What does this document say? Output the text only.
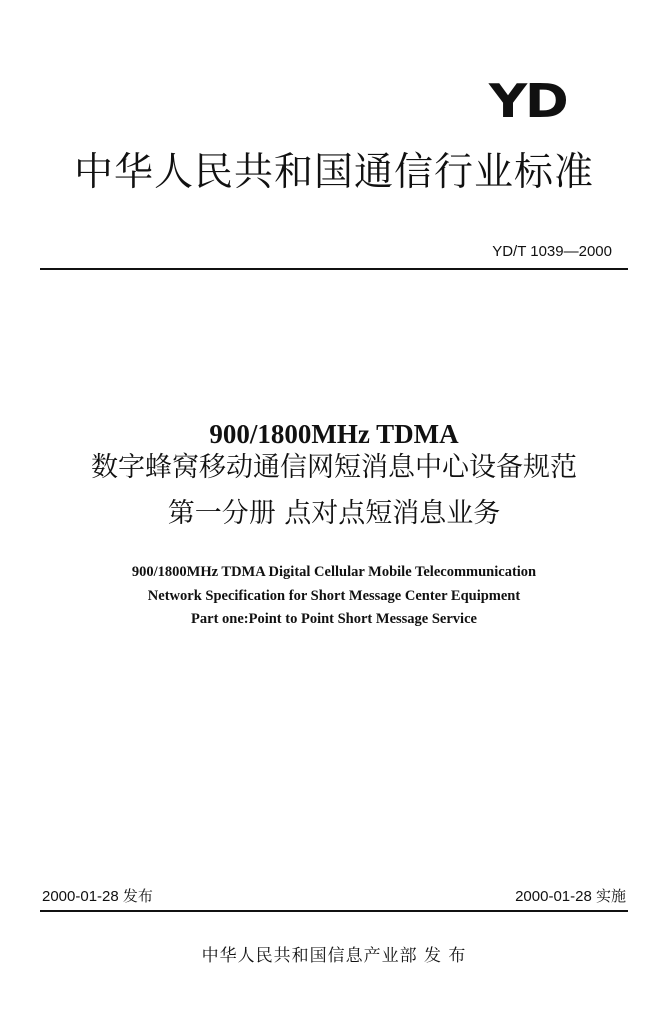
YD
中华人民共和国通信行业标准
YD/T 1039—2000
900/1800MHz TDMA
数字蜂窝移动通信网短消息中心设备规范
第一分册 点对点短消息业务
900/1800MHz TDMA Digital Cellular Mobile Telecommunication
Network Specification for Short Message Center Equipment
Part one:Point to Point Short Message Service
2000-01-28 发布	2000-01-28 实施
中华人民共和国信息产业部 发 布
